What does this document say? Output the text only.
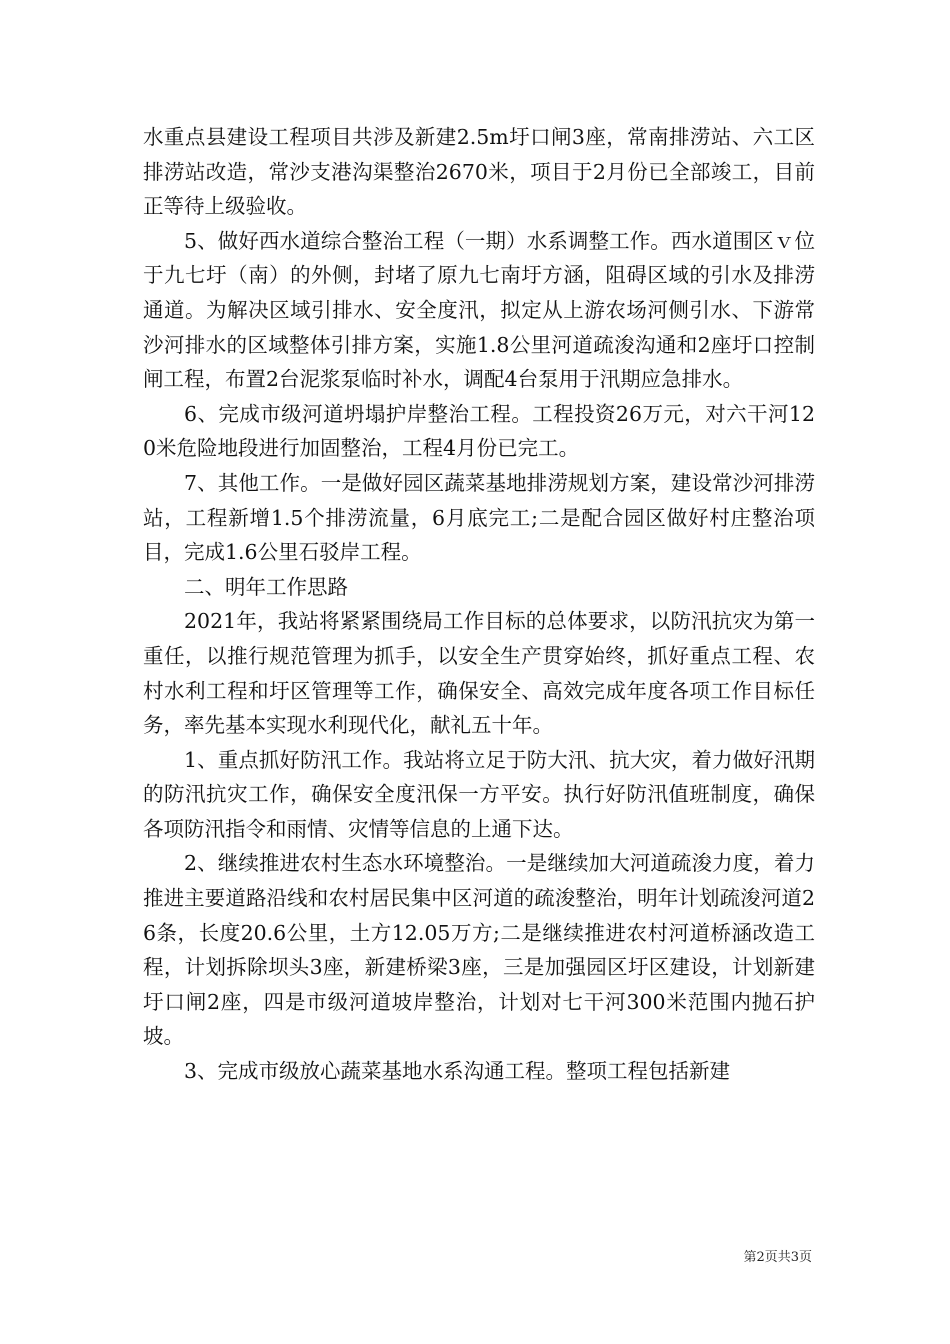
水重点县建设工程项目共涉及新建2.5m圩口闸3座，常南排涝站、六工区排涝站改造，常沙支港沟渠整治2670米，项目于2月份已全部竣工，目前正等待上级验收。

5、做好西水道综合整治工程（一期）水系调整工作。西水道围区ｖ位于九七圩（南）的外侧，封堵了原九七南圩方涵，阻碍区域的引水及排涝通道。为解决区域引排水、安全度汛，拟定从上游农场河侧引水、下游常沙河排水的区域整体引排方案，实施1.8公里河道疏浚沟通和2座圩口控制闸工程，布置2台泥浆泵临时补水，调配4台泵用于汛期应急排水。

6、完成市级河道坍塌护岸整治工程。工程投资26万元，对六干河120米危险地段进行加固整治，工程4月份已完工。

7、其他工作。一是做好园区蔬菜基地排涝规划方案，建设常沙河排涝站，工程新增1.5个排涝流量，6月底完工;二是配合园区做好村庄整治项目，完成1.6公里石驳岸工程。

二、明年工作思路

2021年，我站将紧紧围绕局工作目标的总体要求，以防汛抗灾为第一重任，以推行规范管理为抓手，以安全生产贯穿始终，抓好重点工程、农村水利工程和圩区管理等工作，确保安全、高效完成年度各项工作目标任务，率先基本实现水利现代化，献礼五十年。

1、重点抓好防汛工作。我站将立足于防大汛、抗大灾，着力做好汛期的防汛抗灾工作，确保安全度汛保一方平安。执行好防汛值班制度，确保各项防汛指令和雨情、灾情等信息的上通下达。

2、继续推进农村生态水环境整治。一是继续加大河道疏浚力度，着力推进主要道路沿线和农村居民集中区河道的疏浚整治，明年计划疏浚河道26条，长度20.6公里，土方12.05万方;二是继续推进农村河道桥涵改造工程，计划拆除坝头3座，新建桥梁3座，三是加强园区圩区建设，计划新建圩口闸2座，四是市级河道坡岸整治，计划对七干河300米范围内抛石护坡。

3、完成市级放心蔬菜基地水系沟通工程。整项工程包括新建

第2页共3页
